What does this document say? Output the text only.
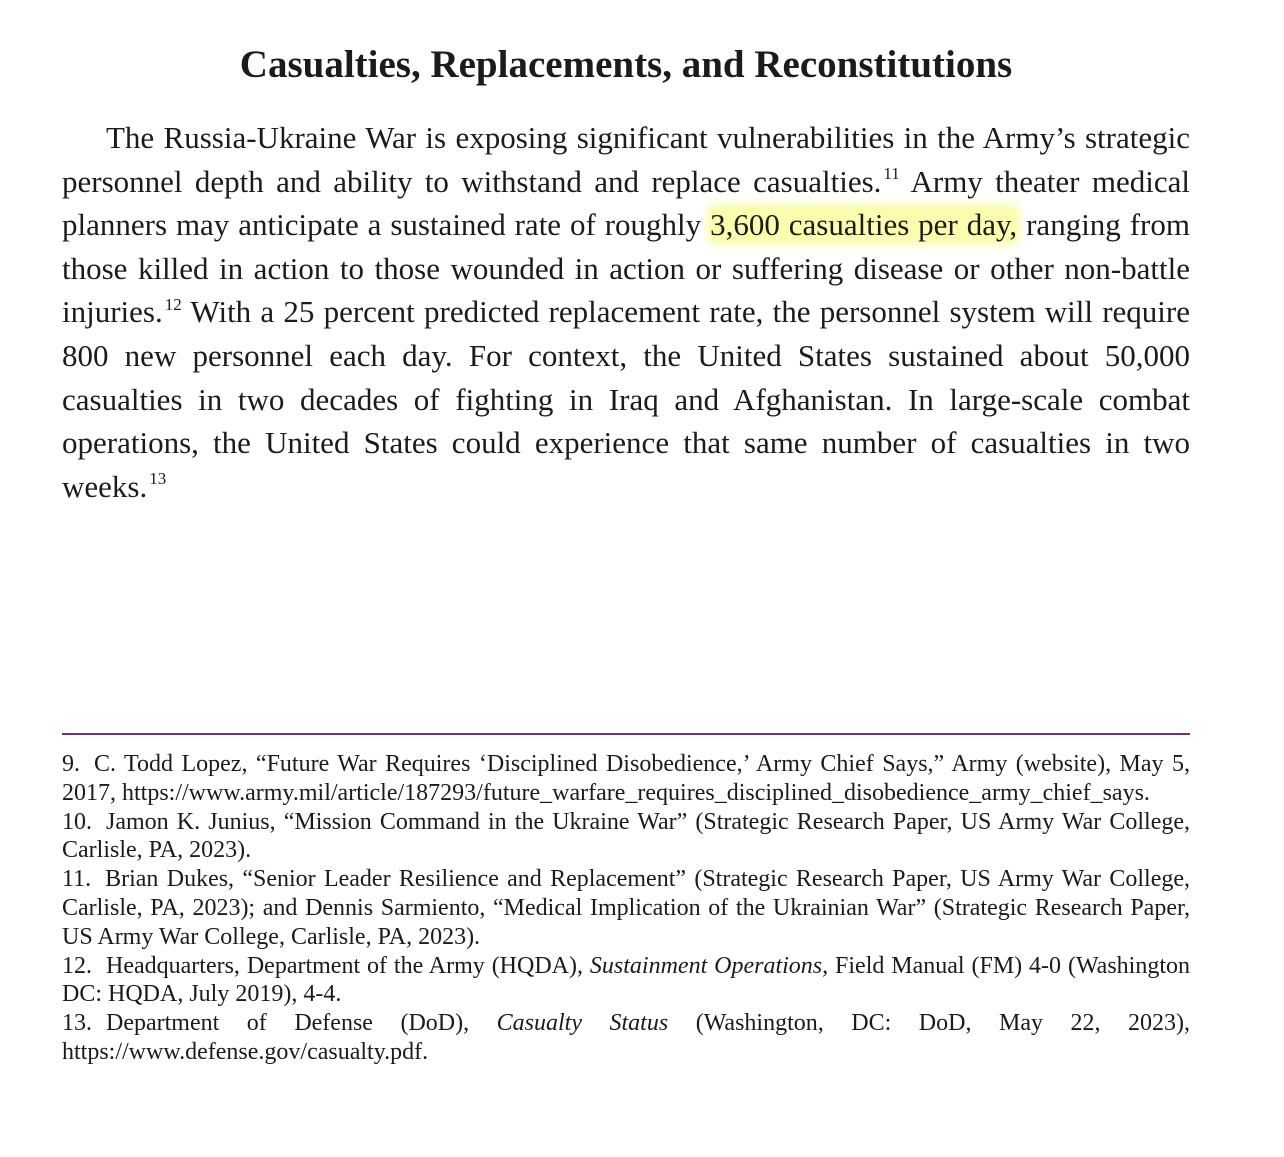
Casualties, Replacements, and Reconstitutions

The Russia-Ukraine War is exposing significant vulnerabilities in the Army’s strategic personnel depth and ability to withstand and replace casualties. $^{11}$ Army theater medical planners may anticipate a sustained rate of roughly 3,600 casualties per day, ranging from those killed in action to those wounded in action or suffering disease or other non-battle injuries. $^{12}$ With a 25 percent predicted replacement rate, the personnel system will require 800 new personnel each day. For context, the United States sustained about 50,000 casualties in two decades of fighting in Iraq and Afghanistan. In large-scale combat operations, the United States could experience that same number of casualties in two weeks. $^{13}$

9. C. Todd Lopez, “Future War Requires ‘Disciplined Disobedience,’ Army Chief Says,” Army (website), May 5, 2017, https://www.army.mil/article/187293/future_warfare_requires_disciplined_disobedience_army_chief_says.

10. Jamon K. Junius, “Mission Command in the Ukraine War” (Strategic Research Paper, US Army War College, Carlisle, PA, 2023).

11. Brian Dukes, “Senior Leader Resilience and Replacement” (Strategic Research Paper, US Army War College, Carlisle, PA, 2023); and Dennis Sarmiento, “Medical Implication of the Ukrainian War” (Strategic Research Paper, US Army War College, Carlisle, PA, 2023).

12. Headquarters, Department of the Army (HQDA), Sustainment Operations, Field Manual (FM) 4-0 (Washington DC: HQDA, July 2019), 4-4.

13. Department of Defense (DoD), Casualty Status (Washington, DC: DoD, May 22, 2023), https://www.defense.gov/casualty.pdf.
